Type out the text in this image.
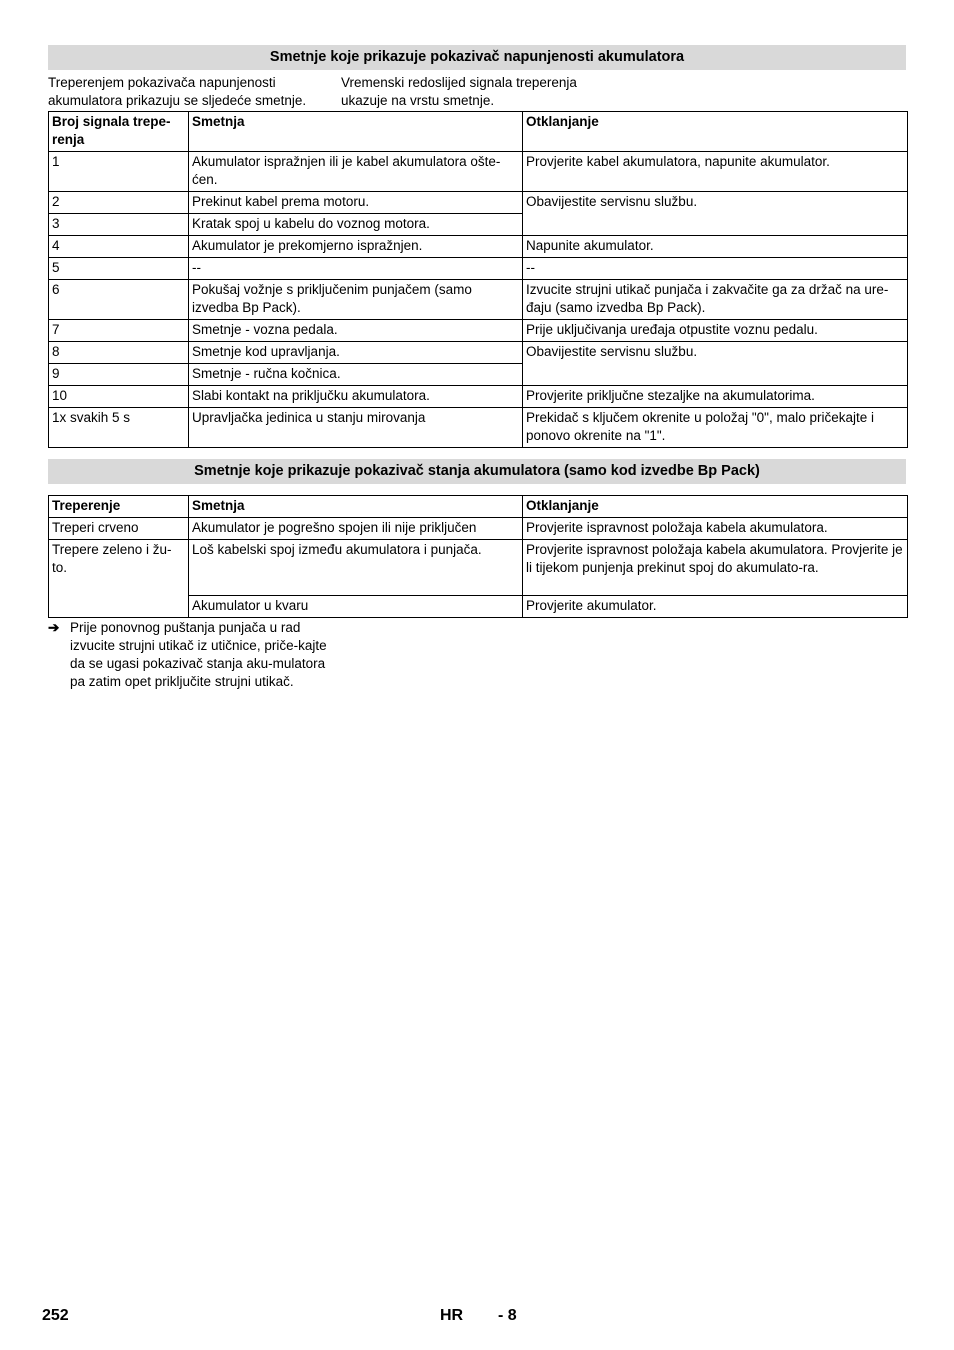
Smetnje koje prikazuje pokazivač napunjenosti akumulatora
Treperenjem pokazivača napunjenosti
akumulatora prikazuju se sljedeće smetnje.
Vremenski redoslijed signala treperenja
ukazuje na vrstu smetnje.
Broj signala trepe-renja	Smetnja	Otklanjanje
1	Akumulator ispražnjen ili je kabel akumulatora ošte-ćen.	Provjerite kabel akumulatora, napunite akumulator.
2	Prekinut kabel prema motoru.	Obavijestite servisnu službu.
3	Kratak spoj u kabelu do voznog motora.	
4	Akumulator je prekomjerno ispražnjen.	Napunite akumulator.
5	--	--
6	Pokušaj vožnje s priključenim punjačem (samo izvedba Bp Pack).	Izvucite strujni utikač punjača i zakvačite ga za držač na ure-đaju (samo izvedba Bp Pack).
7	Smetnje - vozna pedala.	Prije uključivanja uređaja otpustite voznu pedalu.
8	Smetnje kod upravljanja.	Obavijestite servisnu službu.
9	Smetnje - ručna kočnica.	
10	Slabi kontakt na priključku akumulatora.	Provjerite priključne stezaljke na akumulatorima.
1x svakih 5 s	Upravljačka jedinica u stanju mirovanja	Prekidač s ključem okrenite u položaj "0", malo pričekajte i ponovo okrenite na "1".
Smetnje koje prikazuje pokazivač stanja akumulatora (samo kod izvedbe Bp Pack)
Treperenje	Smetnja	Otklanjanje
Treperi crveno	Akumulator je pogrešno spojen ili nije priključen	Provjerite ispravnost položaja kabela akumulatora.
Trepere zeleno i žu-to.	Loš kabelski spoj između akumulatora i punjača.	Provjerite ispravnost položaja kabela akumulatora. Provjerite je li tijekom punjenja prekinut spoj do akumulato-ra.
	Akumulator u kvaru	Provjerite akumulator.
➔ Prije ponovnog puštanja punjača u rad izvucite strujni utikač iz utičnice, priče-kajte da se ugasi pokazivač stanja aku-mulatora pa zatim opet priključite strujni utikač.
252	HR - 8
